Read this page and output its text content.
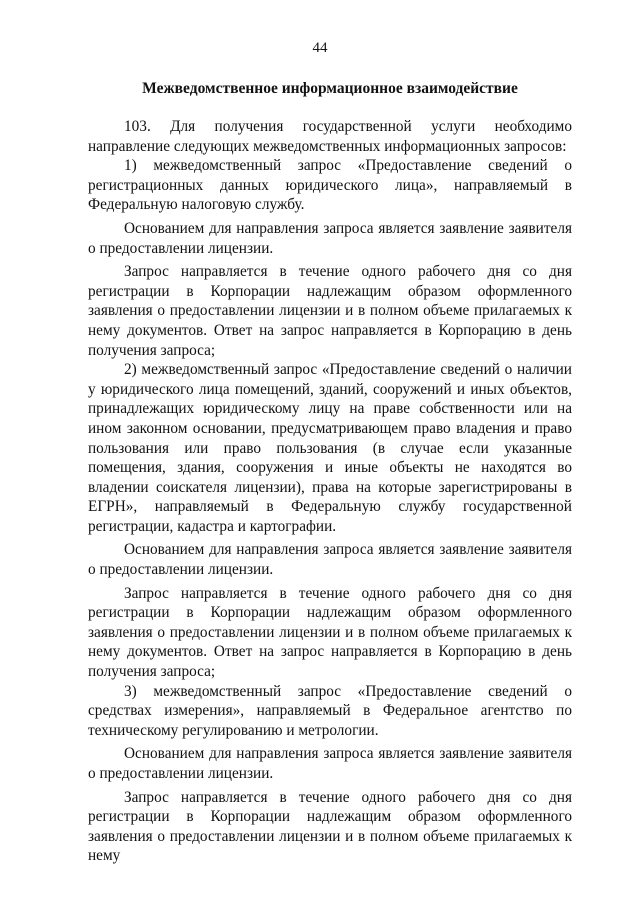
44
Межведомственное информационное взаимодействие

103. Для получения государственной услуги необходимо направление следующих межведомственных информационных запросов:

1) межведомственный запрос «Предоставление сведений о регистрационных данных юридического лица», направляемый в Федеральную налоговую службу.

Основанием для направления запроса является заявление заявителя о предоставлении лицензии.

Запрос направляется в течение одного рабочего дня со дня регистрации в Корпорации надлежащим образом оформленного заявления о предоставлении лицензии и в полном объеме прилагаемых к нему документов. Ответ на запрос направляется в Корпорацию в день получения запроса;

2) межведомственный запрос «Предоставление сведений о наличии у юридического лица помещений, зданий, сооружений и иных объектов, принадлежащих юридическому лицу на праве собственности или на ином законном основании, предусматривающем право владения и право пользования или право пользования (в случае если указанные помещения, здания, сооружения и иные объекты не находятся во владении соискателя лицензии), права на которые зарегистрированы в ЕГРН», направляемый в Федеральную службу государственной регистрации, кадастра и картографии.

Основанием для направления запроса является заявление заявителя о предоставлении лицензии.

Запрос направляется в течение одного рабочего дня со дня регистрации в Корпорации надлежащим образом оформленного заявления о предоставлении лицензии и в полном объеме прилагаемых к нему документов. Ответ на запрос направляется в Корпорацию в день получения запроса;

3) межведомственный запрос «Предоставление сведений о средствах измерения», направляемый в Федеральное агентство по техническому регулированию и метрологии.

Основанием для направления запроса является заявление заявителя о предоставлении лицензии.

Запрос направляется в течение одного рабочего дня со дня регистрации в Корпорации надлежащим образом оформленного заявления о предоставлении лицензии и в полном объеме прилагаемых к нему
